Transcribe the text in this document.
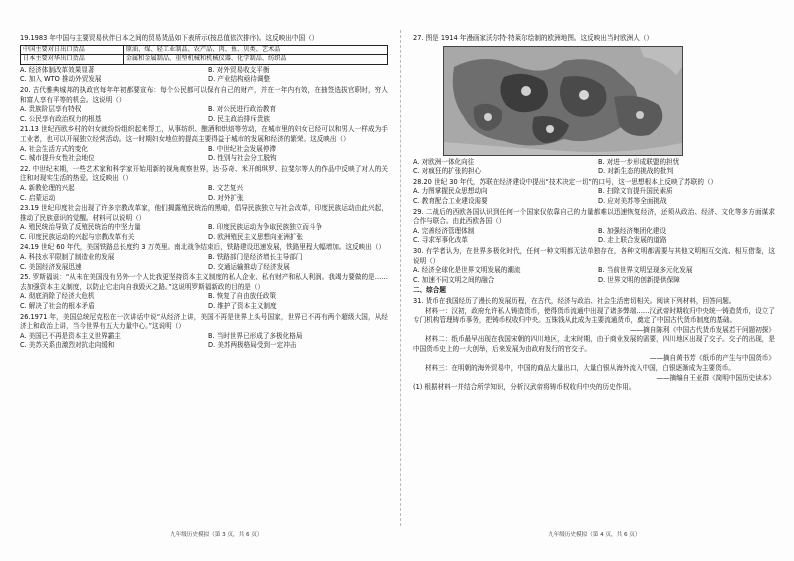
19.1983 年中国与主要贸易伙伴日本之间的贸易货品如下表所示(按总值依次排序)。这反映出中国（）

中国主要对日出口货品	原油、煤、轻工业制品、农产品、肉、鱼、贝类、艺术品
日本主要对华出口货品	金属和金属制品、重型机械和机械仪器、化学制品、纺织品
A. 经济体制改革效果显著	B. 对外贸易收支平衡
C. 加入 WTO 推动外贸发展	D. 产业结构亟待调整

20. 古代雅典城邦的执政官每年年初都要宣布：每个公民都可以保有自己的财产，并在一年内有效，在抽签选拔官职时，穷人和富人享有平等的机会。这说明（）

A. 贵族阶层享有特权	B. 对公民进行政治教育
C. 公民享有政治权力的根基	D. 民主政治排斥贵族

21.13 世纪西欧乡村的妇女就纷纷组织起来帮工，从事纺织、酿酒和烘焙等劳动，在城市里的妇女已经可以和男人一样成为手工业者，也可以开展独立经营活动。这一时期妇女地位的提高主要得益于城市的发展和经济的繁荣。这反映出（）

A. 社会生活方式的变化	B. 中世纪社会发展停滞
C. 城市提升女性社会地位	D. 性别与社会分工脱钩

22. 中世纪末期，一些艺术家和科学家开始用新的视角观察世界，达·芬奇、米开朗琪罗、拉斐尔等人的作品中反映了对人的关注和对现实生活的热爱。这反映出（）

A. 新教伦理的兴起	B. 文艺复兴
C. 启蒙运动	D. 对外扩张

23.19 世纪印度社会出现了许多宗教改革家，他们揭露殖民统治的黑暗，倡导民族独立与社会改革，印度民族运动由此兴起，推动了民族意识的觉醒。材料可以说明（）

A. 殖民统治导致了反殖民统治的中坚力量	B. 印度民族运动为争取民族独立而斗争
C. 印度民族运动的兴起与宗教改革有关	D. 欧洲殖民主义思想向亚洲扩张

24.19 世纪 60 年代，美国铁路总长度约 3 万英里。南北战争结束后，铁路建设迅速发展，铁路里程大幅增加。这反映出（）

A. 科技水平限制了制造业的发展	B. 铁路部门是经济增长主导部门
C. 美国经济发展迅速	D. 交通运输推动了经济发展

25. 罗斯福说：“从未在美国没有另外一个人比我更坚持资本主义制度的私人企业、私有财产和私人利润。我竭力要做的是……去加强资本主义制度，以防止它走向自我毁灭之路。”这说明罗斯福新政的目的是（）

A. 彻底消除了经济大危机	B. 恢复了自由放任政策
C. 解决了社会的根本矛盾	D. 维护了资本主义制度

26.1971 年，美国总统尼克松在一次讲话中说“从经济上讲，美国不再是世界上头号国家，世界已不再有两个超级大国，从经济上和政治上讲，当今世界有五大力量中心。”这说明（）

A. 美国已不再是资本主义世界霸主	B. 当时世界已形成了多极化格局
C. 美苏关系由激烈对抗走向缓和	D. 美苏两极格局受到一定冲击

27. 图是 1914 年漫画家沃尔特·特莱尔绘制的欧洲地图。这反映出当时欧洲人（）

A. 对欧洲一体化向往	B. 对进一步形成联盟的担忧
C. 对疯狂的扩张的担心	D. 对新生态的挑战的批判

28.20 世纪 30 年代，苏联在经济建设中提出“技术决定一切”的口号，这一思想根本上反映了苏联的（）

A. 力图掌握民众思想动向	B. 扫除文盲提升国民素质
C. 教育配合工业建设需要	D. 应对美苏等全面挑战

29. 二战后的西欧各国认识到任何一个国家仅依靠自己的力量都难以迅速恢复经济，还须从政治、经济、文化等多方面谋求合作与联合。由此西欧各国（）

A. 完善经济管理体制	B. 加强经济集团化建设
C. 寻求军事化改革	D. 走上联合发展的道路

30. 有学者认为，在世界多极化时代，任何一种文明都无法单独存在，各种文明都需要与其他文明相互交流、相互借鉴，这说明（）

A. 经济全球化是世界文明发展的潮流	B. 当前世界文明呈现多元化发展
C. 加速不同文明之间的融合	D. 世界文明的创新提供保障

二、综合题

31. 货币在我国经历了漫长的发展历程，在古代，经济与政治、社会生活密切相关。阅读下列材料，回答问题。

材料一：汉初，政府允许私人铸造货币，使得货币流通中出现了诸多弊端……汉武帝时期收归中央统一铸造货币，设立了专门机构管理铸币事务，把铸币权收归中央。五铢钱从此成为主要流通货币，奠定了中国古代货币制度的基础。

——摘自陈利《中国古代货币发展若干问题初探》

材料二：纸币最早出现在我国宋朝的四川地区，北宋时期，由于商业发展的需要，四川地区出现了交子。交子的出现，是中国货币史上的一大创举，后来发展为由政府发行的官交子。

——摘自黄书芳《纸币的产生与中国货币》

材料三：在明朝的海外贸易中，中国的商品大量出口，大量白银从海外流入中国，白银逐渐成为主要货币。

——摘编自王亚群《简明中国历史读本》

(1) 根据材料一并结合所学知识，分析汉武帝将铸币权收归中央的历史作用。

九年级历史模拟（第 3 页，共 6 页）	九年级历史模拟（第 4 页，共 6 页）
